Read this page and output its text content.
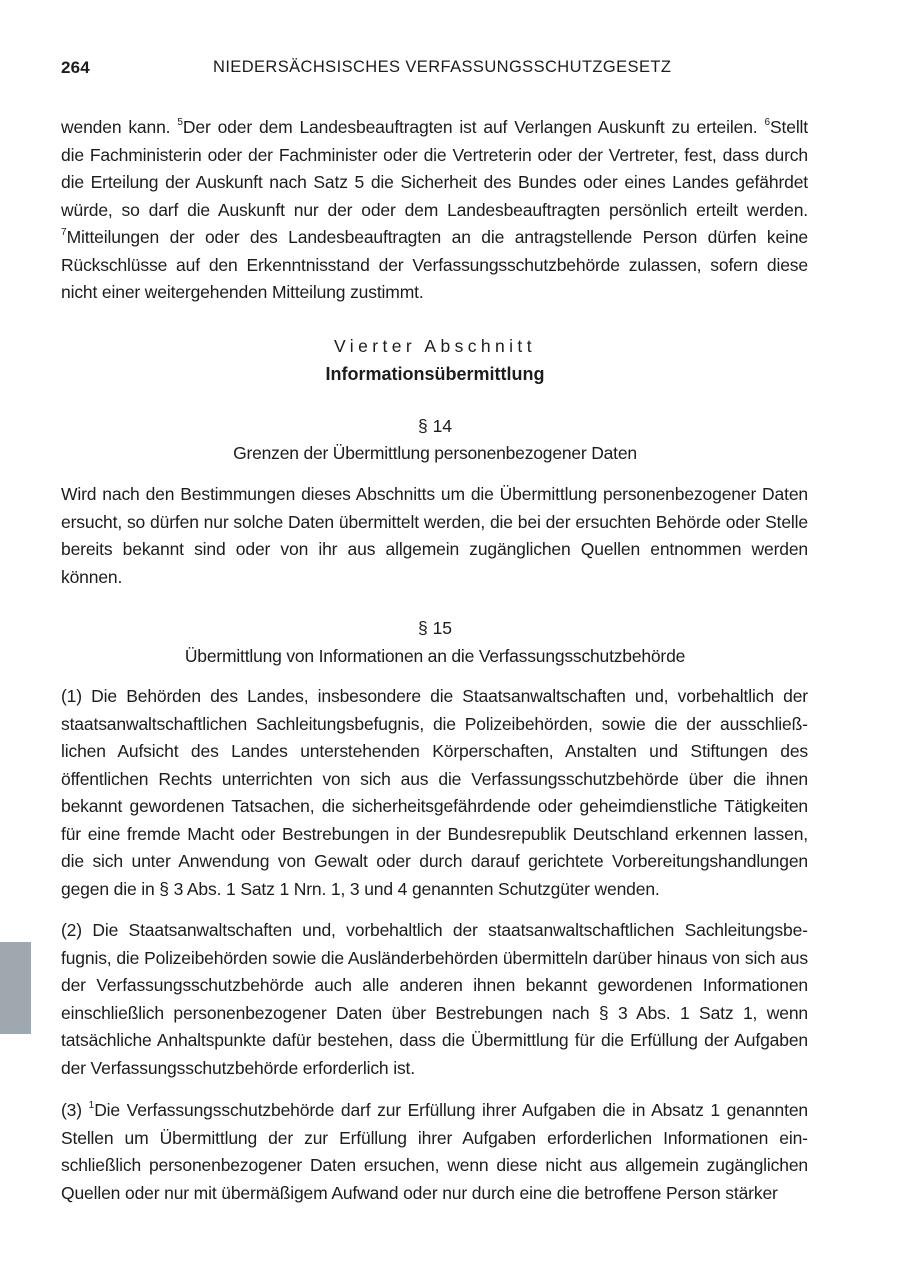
264	NIEDERSÄCHSISCHES VERFASSUNGSSCHUTZGESETZ

wenden kann. $^5$Der oder dem Landesbeauftragten ist auf Verlangen Auskunft zu erteilen. $^6$Stellt die Fachministerin oder der Fachminister oder die Vertreterin oder der Vertreter, fest, dass durch die Erteilung der Auskunft nach Satz 5 die Sicherheit des Bundes oder eines Landes gefährdet würde, so darf die Auskunft nur der oder dem Landesbeauftragten persönlich erteilt werden. $^7$Mitteilungen der oder des Landesbeauftragten an die antragstellende Person dürfen keine Rückschlüsse auf den Erkenntnisstand der Verfassungsschutzbehörde zulassen, sofern diese nicht einer weitergehenden Mitteilung zustimmt.

Vierter Abschnitt
Informationsübermittlung
§ 14
Grenzen der Übermittlung personenbezogener Daten

Wird nach den Bestimmungen dieses Abschnitts um die Übermittlung personenbezogener Daten ersucht, so dürfen nur solche Daten übermittelt werden, die bei der ersuchten Behörde oder Stelle bereits bekannt sind oder von ihr aus allgemein zugänglichen Quellen entnommen werden können.

§ 15
Übermittlung von Informationen an die Verfassungsschutzbehörde

(1) Die Behörden des Landes, insbesondere die Staatsanwaltschaften und, vorbehaltlich der staatsanwaltschaftlichen Sachleitungsbefugnis, die Polizeibehörden, sowie die der ausschließlichen Aufsicht des Landes unterstehenden Körperschaften, Anstalten und Stiftungen des öffentlichen Rechts unterrichten von sich aus die Verfassungsschutzbehörde über die ihnen bekannt gewordenen Tatsachen, die sicherheitsgefährdende oder geheimdienstliche Tätigkeiten für eine fremde Macht oder Bestrebungen in der Bundesrepublik Deutschland erkennen lassen, die sich unter Anwendung von Gewalt oder durch darauf gerichtete Vorbereitungshandlungen gegen die in § 3 Abs. 1 Satz 1 Nrn. 1, 3 und 4 genannten Schutzgüter wenden.

(2) Die Staatsanwaltschaften und, vorbehaltlich der staatsanwaltschaftlichen Sachleitungsbefugnis, die Polizeibehörden sowie die Ausländerbehörden übermitteln darüber hinaus von sich aus der Verfassungsschutzbehörde auch alle anderen ihnen bekannt gewordenen Informationen einschließlich personenbezogener Daten über Bestrebungen nach § 3 Abs. 1 Satz 1, wenn tatsächliche Anhaltspunkte dafür bestehen, dass die Übermittlung für die Erfüllung der Aufgaben der Verfassungsschutzbehörde erforderlich ist.

(3) $^1$Die Verfassungsschutzbehörde darf zur Erfüllung ihrer Aufgaben die in Absatz 1 genannten Stellen um Übermittlung der zur Erfüllung ihrer Aufgaben erforderlichen Informationen einschließlich personenbezogener Daten ersuchen, wenn diese nicht aus allgemein zugänglichen Quellen oder nur mit übermäßigem Aufwand oder nur durch eine die betroffene Person stärker
